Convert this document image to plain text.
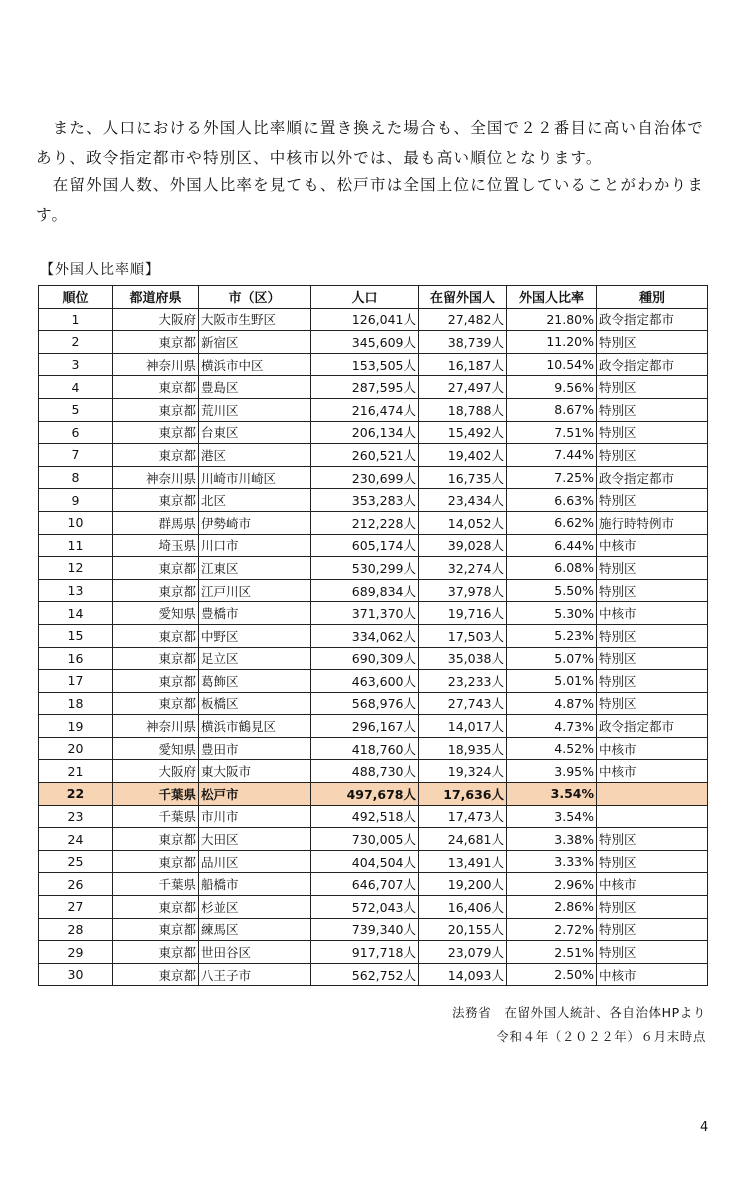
　また、人口における外国人比率順に置き換えた場合も、全国で２２番目に高い自治体であり、政令指定都市や特別区、中核市以外では、最も高い順位となります。

　在留外国人数、外国人比率を見ても、松戸市は全国上位に位置していることがわかります。

【外国人比率順】
順位	都道府県	市（区）	人口	在留外国人	外国人比率	種別
1	大阪府	大阪市生野区	126,041人	27,482人	21.80%	政令指定都市
2	東京都	新宿区	345,609人	38,739人	11.20%	特別区
3	神奈川県	横浜市中区	153,505人	16,187人	10.54%	政令指定都市
4	東京都	豊島区	287,595人	27,497人	9.56%	特別区
5	東京都	荒川区	216,474人	18,788人	8.67%	特別区
6	東京都	台東区	206,134人	15,492人	7.51%	特別区
7	東京都	港区	260,521人	19,402人	7.44%	特別区
8	神奈川県	川崎市川崎区	230,699人	16,735人	7.25%	政令指定都市
9	東京都	北区	353,283人	23,434人	6.63%	特別区
10	群馬県	伊勢崎市	212,228人	14,052人	6.62%	施行時特例市
11	埼玉県	川口市	605,174人	39,028人	6.44%	中核市
12	東京都	江東区	530,299人	32,274人	6.08%	特別区
13	東京都	江戸川区	689,834人	37,978人	5.50%	特別区
14	愛知県	豊橋市	371,370人	19,716人	5.30%	中核市
15	東京都	中野区	334,062人	17,503人	5.23%	特別区
16	東京都	足立区	690,309人	35,038人	5.07%	特別区
17	東京都	葛飾区	463,600人	23,233人	5.01%	特別区
18	東京都	板橋区	568,976人	27,743人	4.87%	特別区
19	神奈川県	横浜市鶴見区	296,167人	14,017人	4.73%	政令指定都市
20	愛知県	豊田市	418,760人	18,935人	4.52%	中核市
21	大阪府	東大阪市	488,730人	19,324人	3.95%	中核市
22	千葉県	松戸市	497,678人	17,636人	3.54%	
23	千葉県	市川市	492,518人	17,473人	3.54%	
24	東京都	大田区	730,005人	24,681人	3.38%	特別区
25	東京都	品川区	404,504人	13,491人	3.33%	特別区
26	千葉県	船橋市	646,707人	19,200人	2.96%	中核市
27	東京都	杉並区	572,043人	16,406人	2.86%	特別区
28	東京都	練馬区	739,340人	20,155人	2.72%	特別区
29	東京都	世田谷区	917,718人	23,079人	2.51%	特別区
30	東京都	八王子市	562,752人	14,093人	2.50%	中核市
法務省　在留外国人統計、各自治体HPより
令和４年（２０２２年）６月末時点
4
